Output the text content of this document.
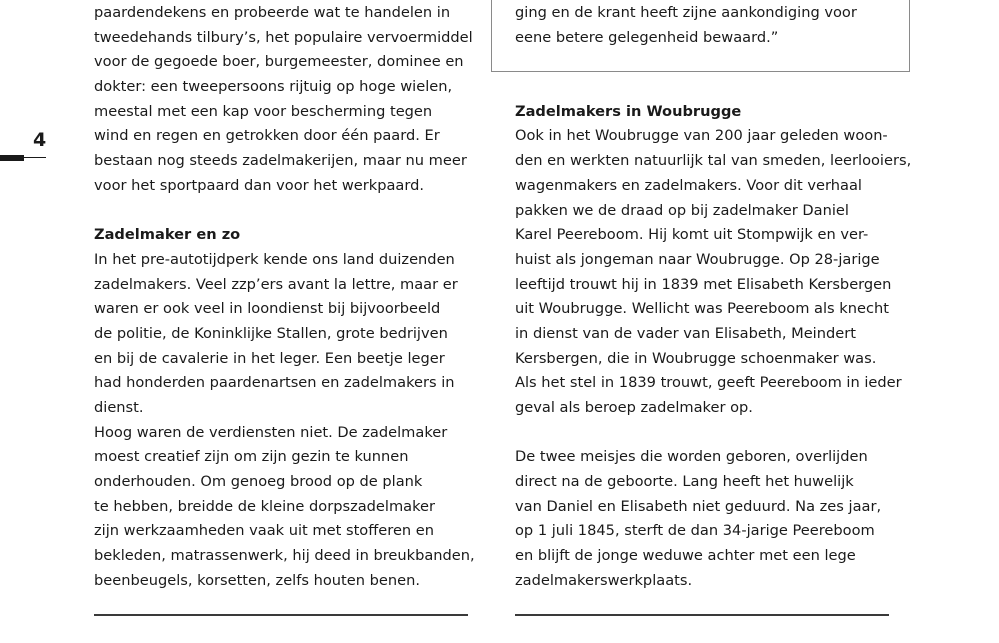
4
paardendekens en probeerde wat te handelen in
tweedehands tilbury’s, het populaire vervoermiddel
voor de gegoede boer, burgemeester, dominee en
dokter: een tweepersoons rijtuig op hoge wielen,
meestal met een kap voor bescherming tegen
wind en regen en getrokken door één paard. Er
bestaan nog steeds zadelmakerijen, maar nu meer
voor het sportpaard dan voor het werkpaard.
Zadelmaker en zo
In het pre-autotijdperk kende ons land duizenden
zadelmakers. Veel zzp’ers avant la lettre, maar er
waren er ook veel in loondienst bij bijvoorbeeld
de politie, de Koninklijke Stallen, grote bedrijven
en bij de cavalerie in het leger. Een beetje leger
had honderden paardenartsen en zadelmakers in
dienst.
Hoog waren de verdiensten niet. De zadelmaker
moest creatief zijn om zijn gezin te kunnen
onderhouden. Om genoeg brood op de plank
te hebben, breidde de kleine dorpszadelmaker
zijn werkzaamheden vaak uit met stofferen en
bekleden, matrassenwerk, hij deed in breukbanden,
beenbeugels, korsetten, zelfs houten benen.
ging en de krant heeft zijne aankondiging voor
eene betere gelegenheid bewaard.”
Zadelmakers in Woubrugge
Ook in het Woubrugge van 200 jaar geleden woon-
den en werkten natuurlijk tal van smeden, leerlooiers,
wagenmakers en zadelmakers. Voor dit verhaal
pakken we de draad op bij zadelmaker Daniel
Karel Peereboom. Hij komt uit Stompwijk en ver-
huist als jongeman naar Woubrugge. Op 28-jarige
leeftijd trouwt hij in 1839 met Elisabeth Kersbergen
uit Woubrugge. Wellicht was Peereboom als knecht
in dienst van de vader van Elisabeth, Meindert
Kersbergen, die in Woubrugge schoenmaker was.
Als het stel in 1839 trouwt, geeft Peereboom in ieder
geval als beroep zadelmaker op.
De twee meisjes die worden geboren, overlijden
direct na de geboorte. Lang heeft het huwelijk
van Daniel en Elisabeth niet geduurd. Na zes jaar,
op 1 juli 1845, sterft de dan 34-jarige Peereboom
en blijft de jonge weduwe achter met een lege
zadelmakerswerkplaats.
